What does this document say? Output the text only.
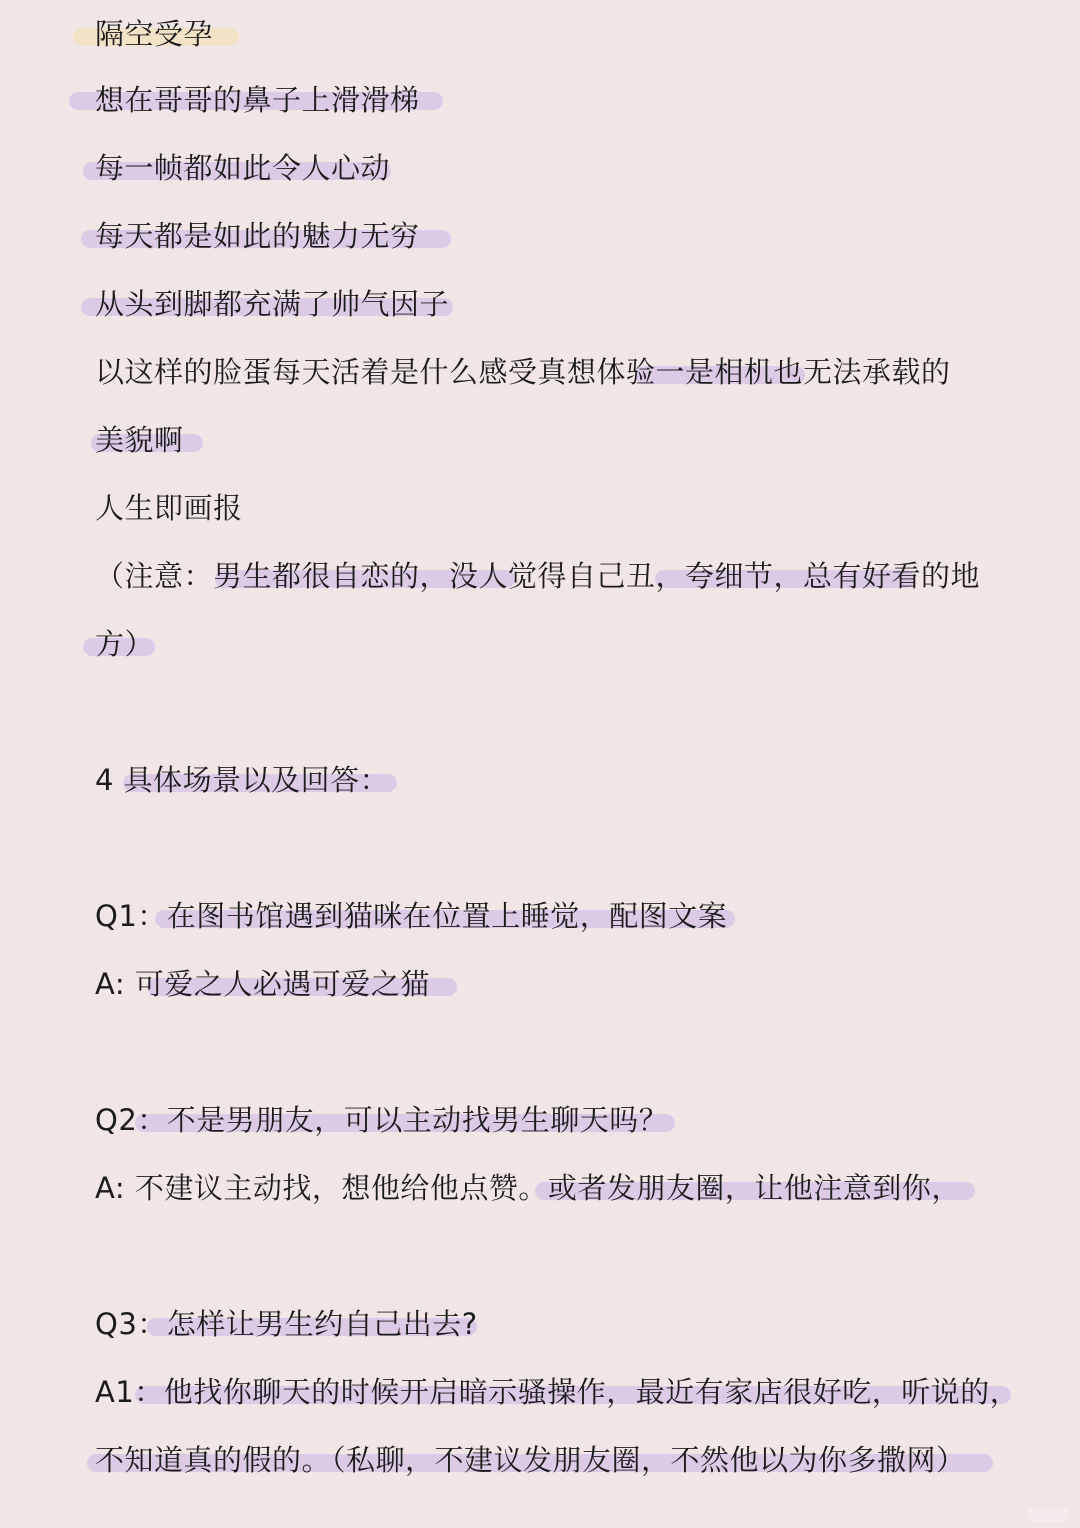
隔空受孕
想在哥哥的鼻子上滑滑梯
每一帧都如此令人心动
每天都是如此的魅力无穷
从头到脚都充满了帅气因子
以这样的脸蛋每天活着是什么感受真想体验一是相机也无法承载的
美貌啊
人生即画报
（注意：男生都很自恋的，没人觉得自己丑，夸细节，总有好看的地
方）
4 具体场景以及回答：
Q1：在图书馆遇到猫咪在位置上睡觉，配图文案
A: 可爱之人必遇可爱之猫
Q2：不是男朋友，可以主动找男生聊天吗？
A: 不建议主动找，想他给他点赞。或者发朋友圈，让他注意到你，
Q3：怎样让男生约自己出去?
A1：他找你聊天的时候开启暗示骚操作，最近有家店很好吃，听说的，
不知道真的假的。（私聊，不建议发朋友圈，不然他以为你多撒网）
